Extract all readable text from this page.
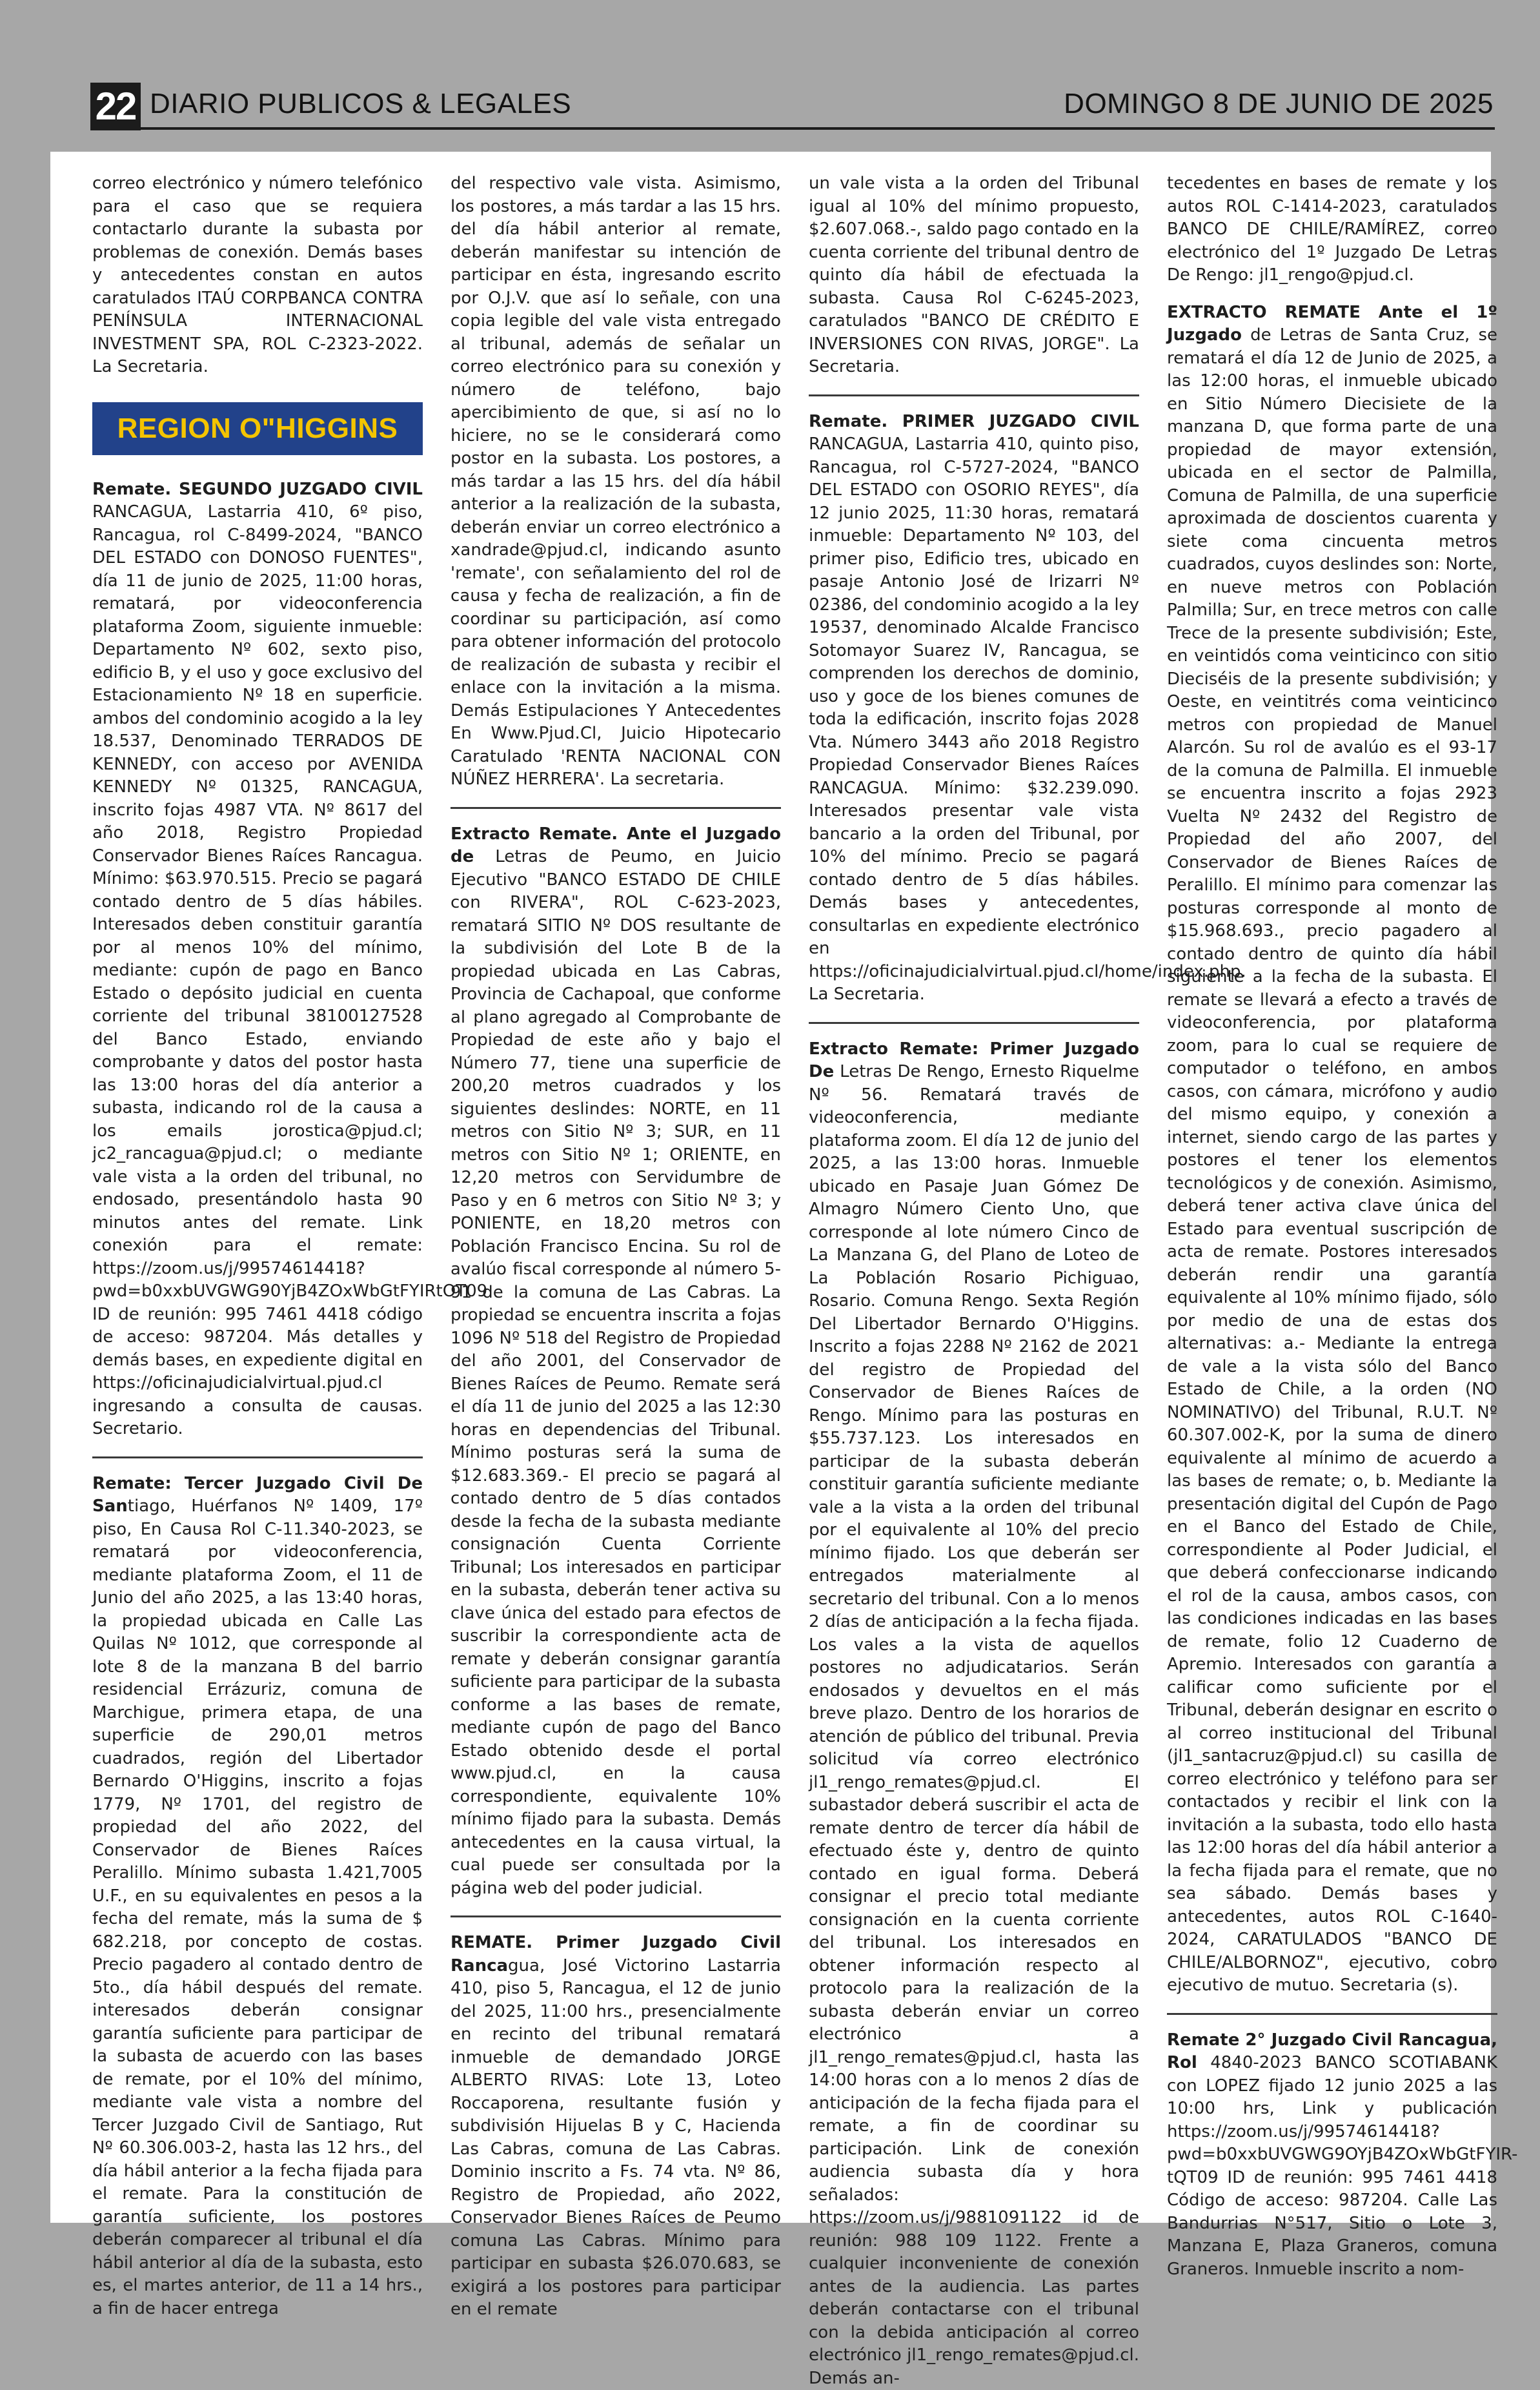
22 DIARIO PUBLICOS & LEGALES	DOMINGO 8 DE JUNIO DE 2025

correo electrónico y número telefónico para el caso que se requiera contactarlo durante la subasta por problemas de conexión. Demás bases y antecedentes constan en autos caratulados ITAÚ CORPBANCA CONTRA PENÍNSULA INTERNACIONAL INVESTMENT SPA, ROL C-2323-2022. La Secretaria.

REGION O"HIGGINS

Remate. SEGUNDO JUZGADO CIVIL RANCAGUA, Lastarria 410, 6º piso, Rancagua, rol C-8499-2024, "BANCO DEL ESTADO con DONOSO FUENTES", día 11 de junio de 2025, 11:00 horas, rematará, por videoconferencia plataforma Zoom, siguiente inmueble: Departamento Nº 602, sexto piso, edificio B, y el uso y goce exclusivo del Estacionamiento Nº 18 en superficie. ambos del condominio acogido a la ley 18.537, Denominado TERRADOS DE KENNEDY, con acceso por AVENIDA KENNEDY Nº 01325, RANCAGUA, inscrito fojas 4987 VTA. Nº 8617 del año 2018, Registro Propiedad Conservador Bienes Raíces Rancagua. Mínimo: $63.970.515. Precio se pagará contado dentro de 5 días hábiles. Interesados deben constituir garantía por al menos 10% del mínimo, mediante: cupón de pago en Banco Estado o depósito judicial en cuenta corriente del tribunal 38100127528 del Banco Estado, enviando comprobante y datos del postor hasta las 13:00 horas del día anterior a subasta, indicando rol de la causa a los emails jorostica@pjud.cl; jc2_rancagua@pjud.cl; o mediante vale vista a la orden del tribunal, no endosado, presentándolo hasta 90 minutos antes del remate. Link conexión para el remate: https://zoom.us/j/99574614418?pwd=b0xxbUVGWG90YjB4ZOxWbGtFYIRtOT09 ID de reunión: 995 7461 4418 código de acceso: 987204. Más detalles y demás bases, en expediente digital en https://oficinajudicialvirtual.pjud.cl ingresando a consulta de causas. Secretario.

Remate: Tercer Juzgado Civil De Santiago, Huérfanos Nº 1409, 17º piso, En Causa Rol C-11.340-2023, se rematará por videoconferencia, mediante plataforma Zoom, el 11 de Junio del año 2025, a las 13:40 horas, la propiedad ubicada en Calle Las Quilas Nº 1012, que corresponde al lote 8 de la manzana B del barrio residencial Errázuriz, comuna de Marchigue, primera etapa, de una superficie de 290,01 metros cuadrados, región del Libertador Bernardo O'Higgins, inscrito a fojas 1779, Nº 1701, del registro de propiedad del año 2022, del Conservador de Bienes Raíces Peralillo. Mínimo subasta 1.421,7005 U.F., en su equivalentes en pesos a la fecha del remate, más la suma de $ 682.218, por concepto de costas. Precio pagadero al contado dentro de 5to., día hábil después del remate. interesados deberán consignar garantía suficiente para participar de la subasta de acuerdo con las bases de remate, por el 10% del mínimo, mediante vale vista a nombre del Tercer Juzgado Civil de Santiago, Rut Nº 60.306.003-2, hasta las 12 hrs., del día hábil anterior a la fecha fijada para el remate. Para la constitución de garantía suficiente, los postores deberán comparecer al tribunal el día hábil anterior al día de la subasta, esto es, el martes anterior, de 11 a 14 hrs., a fin de hacer entrega

del respectivo vale vista. Asimismo, los postores, a más tardar a las 15 hrs. del día hábil anterior al remate, deberán manifestar su intención de participar en ésta, ingresando escrito por O.J.V. que así lo señale, con una copia legible del vale vista entregado al tribunal, además de señalar un correo electrónico para su conexión y número de teléfono, bajo apercibimiento de que, si así no lo hiciere, no se le considerará como postor en la subasta. Los postores, a más tardar a las 15 hrs. del día hábil anterior a la realización de la subasta, deberán enviar un correo electrónico a xandrade@pjud.cl, indicando asunto 'remate', con señalamiento del rol de causa y fecha de realización, a fin de coordinar su participación, así como para obtener información del protocolo de realización de subasta y recibir el enlace con la invitación a la misma. Demás Estipulaciones Y Antecedentes En Www.Pjud.Cl, Juicio Hipotecario Caratulado 'RENTA NACIONAL CON NÚÑEZ HERRERA'. La secretaria.

Extracto Remate. Ante el Juzgado de Letras de Peumo, en Juicio Ejecutivo "BANCO ESTADO DE CHILE con RIVERA", ROL C-623-2023, rematará SITIO Nº DOS resultante de la subdivisión del Lote B de la propiedad ubicada en Las Cabras, Provincia de Cachapoal, que conforme al plano agregado al Comprobante de Propiedad de este año y bajo el Número 77, tiene una superficie de 200,20 metros cuadrados y los siguientes deslindes: NORTE, en 11 metros con Sitio Nº 3; SUR, en 11 metros con Sitio Nº 1; ORIENTE, en 12,20 metros con Servidumbre de Paso y en 6 metros con Sitio Nº 3; y PONIENTE, en 18,20 metros con Población Francisco Encina. Su rol de avalúo fiscal corresponde al número 5-91 de la comuna de Las Cabras. La propiedad se encuentra inscrita a fojas 1096 Nº 518 del Registro de Propiedad del año 2001, del Conservador de Bienes Raíces de Peumo. Remate será el día 11 de junio del 2025 a las 12:30 horas en dependencias del Tribunal. Mínimo posturas será la suma de $12.683.369.- El precio se pagará al contado dentro de 5 días contados desde la fecha de la subasta mediante consignación Cuenta Corriente Tribunal; Los interesados en participar en la subasta, deberán tener activa su clave única del estado para efectos de suscribir la correspondiente acta de remate y deberán consignar garantía suficiente para participar de la subasta conforme a las bases de remate, mediante cupón de pago del Banco Estado obtenido desde el portal www.pjud.cl, en la causa correspondiente, equivalente 10% mínimo fijado para la subasta. Demás antecedentes en la causa virtual, la cual puede ser consultada por la página web del poder judicial.

REMATE. Primer Juzgado Civil Rancagua, José Victorino Lastarria 410, piso 5, Rancagua, el 12 de junio del 2025, 11:00 hrs., presencialmente en recinto del tribunal rematará inmueble de demandado JORGE ALBERTO RIVAS: Lote 13, Loteo Roccaporena, resultante fusión y subdivisión Hijuelas B y C, Hacienda Las Cabras, comuna de Las Cabras. Dominio inscrito a Fs. 74 vta. Nº 86, Registro de Propiedad, año 2022, Conservador Bienes Raíces de Peumo comuna Las Cabras. Mínimo para participar en subasta $26.070.683, se exigirá a los postores para participar en el remate

un vale vista a la orden del Tribunal igual al 10% del mínimo propuesto, $2.607.068.-, saldo pago contado en la cuenta corriente del tribunal dentro de quinto día hábil de efectuada la subasta. Causa Rol C-6245-2023, caratulados "BANCO DE CRÉDITO E INVERSIONES CON RIVAS, JORGE". La Secretaria.

Remate. PRIMER JUZGADO CIVIL RANCAGUA, Lastarria 410, quinto piso, Rancagua, rol C-5727-2024, "BANCO DEL ESTADO con OSORIO REYES", día 12 junio 2025, 11:30 horas, rematará inmueble: Departamento Nº 103, del primer piso, Edificio tres, ubicado en pasaje Antonio José de Irizarri Nº 02386, del condominio acogido a la ley 19537, denominado Alcalde Francisco Sotomayor Suarez IV, Rancagua, se comprenden los derechos de dominio, uso y goce de los bienes comunes de toda la edificación, inscrito fojas 2028 Vta. Número 3443 año 2018 Registro Propiedad Conservador Bienes Raíces RANCAGUA. Mínimo: $32.239.090. Interesados presentar vale vista bancario a la orden del Tribunal, por 10% del mínimo. Precio se pagará contado dentro de 5 días hábiles. Demás bases y antecedentes, consultarlas en expediente electrónico en https://oficinajudicialvirtual.pjud.cl/home/index.php. La Secretaria.

Extracto Remate: Primer Juzgado De Letras De Rengo, Ernesto Riquelme Nº 56. Rematará través de videoconferencia, mediante plataforma zoom. El día 12 de junio del 2025, a las 13:00 horas. Inmueble ubicado en Pasaje Juan Gómez De Almagro Número Ciento Uno, que corresponde al lote número Cinco de La Manzana G, del Plano de Loteo de La Población Rosario Pichiguao, Rosario. Comuna Rengo. Sexta Región Del Libertador Bernardo O'Higgins. Inscrito a fojas 2288 Nº 2162 de 2021 del registro de Propiedad del Conservador de Bienes Raíces de Rengo. Mínimo para las posturas en $55.737.123. Los interesados en participar de la subasta deberán constituir garantía suficiente mediante vale a la vista a la orden del tribunal por el equivalente al 10% del precio mínimo fijado. Los que deberán ser entregados materialmente al secretario del tribunal. Con a lo menos 2 días de anticipación a la fecha fijada. Los vales a la vista de aquellos postores no adjudicatarios. Serán endosados y devueltos en el más breve plazo. Dentro de los horarios de atención de público del tribunal. Previa solicitud vía correo electrónico jl1_rengo_remates@pjud.cl. El subastador deberá suscribir el acta de remate dentro de tercer día hábil de efectuado éste y, dentro de quinto contado en igual forma. Deberá consignar el precio total mediante consignación en la cuenta corriente del tribunal. Los interesados en obtener información respecto al protocolo para la realización de la subasta deberán enviar un correo electrónico a jl1_rengo_remates@pjud.cl, hasta las 14:00 horas con a lo menos 2 días de anticipación de la fecha fijada para el remate, a fin de coordinar su participación. Link de conexión audiencia subasta día y hora señalados: https://zoom.us/j/9881091122 id de reunión: 988 109 1122. Frente a cualquier inconveniente de conexión antes de la audiencia. Las partes deberán contactarse con el tribunal con la debida anticipación al correo electrónico jl1_rengo_remates@pjud.cl. Demás an-

tecedentes en bases de remate y los autos ROL C-1414-2023, caratulados BANCO DE CHILE/RAMÍREZ, correo electrónico del 1º Juzgado De Letras De Rengo: jl1_rengo@pjud.cl.

EXTRACTO REMATE Ante el 1º Juzgado de Letras de Santa Cruz, se rematará el día 12 de Junio de 2025, a las 12:00 horas, el inmueble ubicado en Sitio Número Diecisiete de la manzana D, que forma parte de una propiedad de mayor extensión, ubicada en el sector de Palmilla, Comuna de Palmilla, de una superficie aproximada de doscientos cuarenta y siete coma cincuenta metros cuadrados, cuyos deslindes son: Norte, en nueve metros con Población Palmilla; Sur, en trece metros con calle Trece de la presente subdivisión; Este, en veintidós coma veinticinco con sitio Dieciséis de la presente subdivisión; y Oeste, en veintitrés coma veinticinco metros con propiedad de Manuel Alarcón. Su rol de avalúo es el 93-17 de la comuna de Palmilla. El inmueble se encuentra inscrito a fojas 2923 Vuelta Nº 2432 del Registro de Propiedad del año 2007, del Conservador de Bienes Raíces de Peralillo. El mínimo para comenzar las posturas corresponde al monto de $15.968.693., precio pagadero al contado dentro de quinto día hábil siguiente a la fecha de la subasta. El remate se llevará a efecto a través de videoconferencia, por plataforma zoom, para lo cual se requiere de computador o teléfono, en ambos casos, con cámara, micrófono y audio del mismo equipo, y conexión a internet, siendo cargo de las partes y postores el tener los elementos tecnológicos y de conexión. Asimismo, deberá tener activa clave única del Estado para eventual suscripción de acta de remate. Postores interesados deberán rendir una garantía equivalente al 10% mínimo fijado, sólo por medio de una de estas dos alternativas: a.- Mediante la entrega de vale a la vista sólo del Banco Estado de Chile, a la orden (NO NOMINATIVO) del Tribunal, R.U.T. Nº 60.307.002-K, por la suma de dinero equivalente al mínimo de acuerdo a las bases de remate; o, b. Mediante la presentación digital del Cupón de Pago en el Banco del Estado de Chile, correspondiente al Poder Judicial, el que deberá confeccionarse indicando el rol de la causa, ambos casos, con las condiciones indicadas en las bases de remate, folio 12 Cuaderno de Apremio. Interesados con garantía a calificar como suficiente por el Tribunal, deberán designar en escrito o al correo institucional del Tribunal (jl1_santacruz@pjud.cl) su casilla de correo electrónico y teléfono para ser contactados y recibir el link con la invitación a la subasta, todo ello hasta las 12:00 horas del día hábil anterior a la fecha fijada para el remate, que no sea sábado. Demás bases y antecedentes, autos ROL C-1640-2024, CARATULADOS "BANCO DE CHILE/ALBORNOZ", ejecutivo, cobro ejecutivo de mutuo. Secretaria (s).

Remate 2° Juzgado Civil Rancagua, Rol 4840-2023 BANCO SCOTIABANK con LOPEZ fijado 12 junio 2025 a las 10:00 hrs, Link y publicación https://zoom.us/j/99574614418?pwd=b0xxbUVGWG9OYjB4ZOxWbGtFYIR- tQT09 ID de reunión: 995 7461 4418 Código de acceso: 987204. Calle Las Bandurrias N°517, Sitio o Lote 3, Manzana E, Plaza Graneros, comuna Graneros. Inmueble inscrito a nom-
